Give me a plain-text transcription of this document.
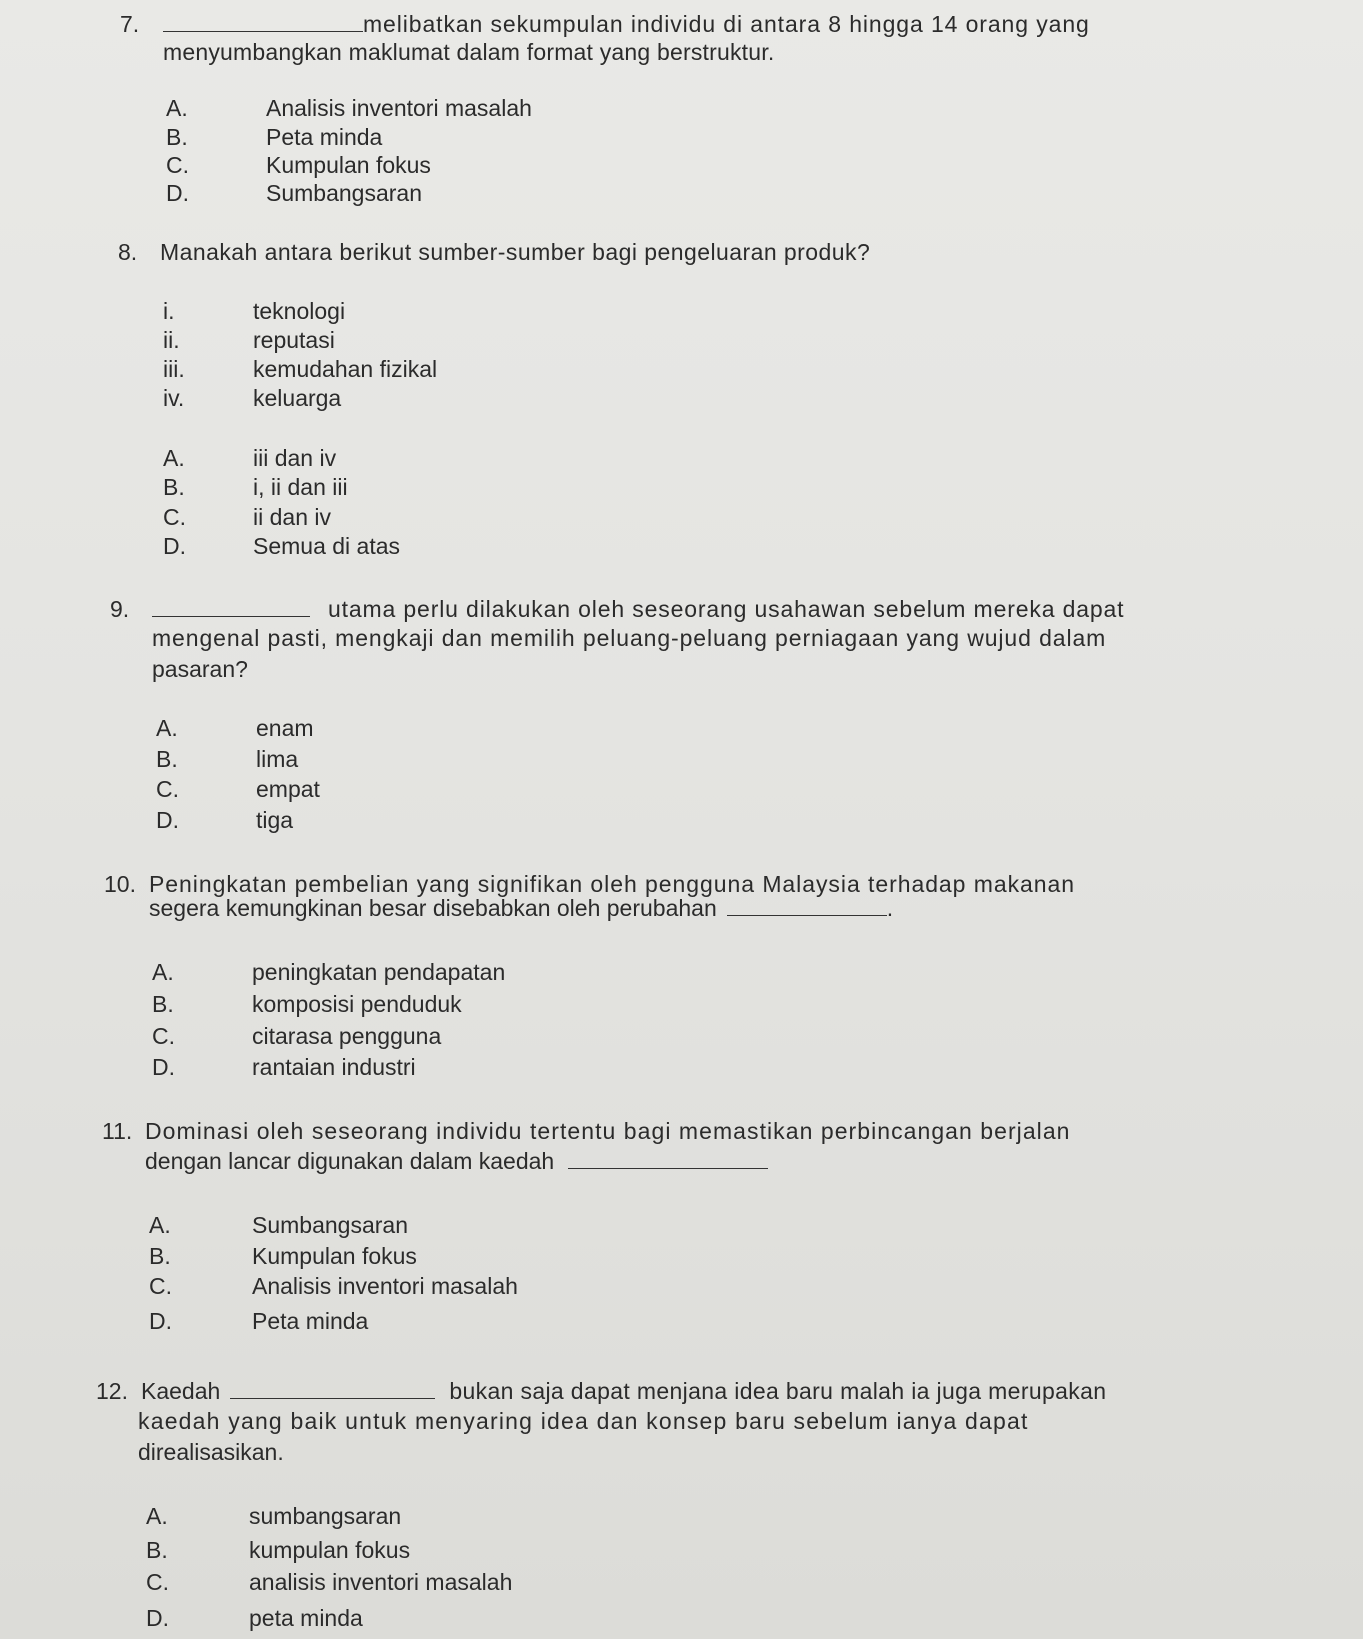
7.	melibatkan sekumpulan individu di antara 8 hingga 14 orang yang
menyumbangkan maklumat dalam format yang berstruktur.
A.	Analisis inventori masalah
B.	Peta minda
C.	Kumpulan fokus
D.	Sumbangsaran
8. Manakah antara berikut sumber-sumber bagi pengeluaran produk?
i.	teknologi
ii.	reputasi
iii.	kemudahan fizikal
iv.	keluarga
A.	iii dan iv
B.	i, ii dan iii
C.	ii dan iv
D.	Semua di atas
9.	utama perlu dilakukan oleh seseorang usahawan sebelum mereka dapat
mengenal pasti, mengkaji dan memilih peluang-peluang perniagaan yang wujud dalam
pasaran?
A.	enam
B.	lima
C.	empat
D.	tiga
10. Peningkatan pembelian yang signifikan oleh pengguna Malaysia terhadap makanan
segera kemungkinan besar disebabkan oleh perubahan	.
A.	peningkatan pendapatan
B.	komposisi penduduk
C.	citarasa pengguna
D.	rantaian industri
11. Dominasi oleh seseorang individu tertentu bagi memastikan perbincangan berjalan
dengan lancar digunakan dalam kaedah
A.	Sumbangsaran
B.	Kumpulan fokus
C.	Analisis inventori masalah
D.	Peta minda
12. Kaedah	bukan saja dapat menjana idea baru malah ia juga merupakan
kaedah yang baik untuk menyaring idea dan konsep baru sebelum ianya dapat
direalisasikan.
A.	sumbangsaran
B.	kumpulan fokus
C.	analisis inventori masalah
D.	peta minda
